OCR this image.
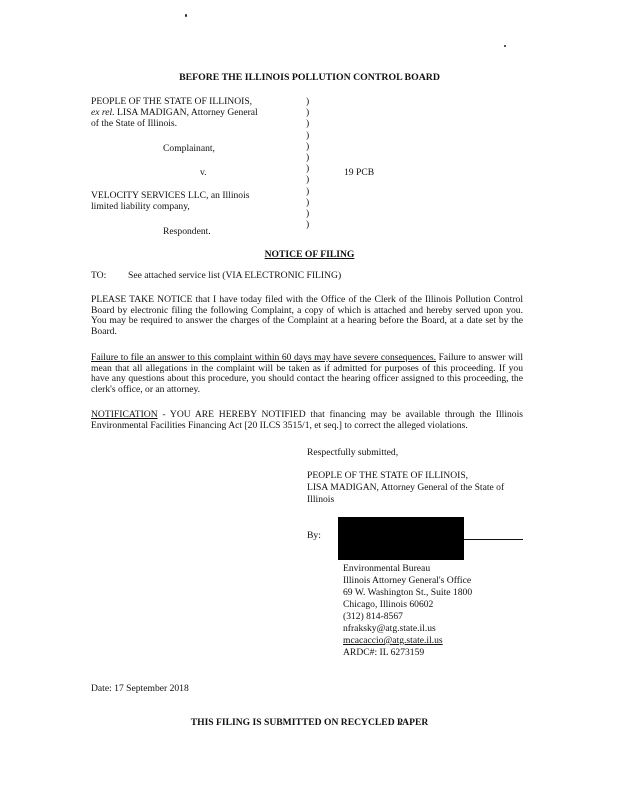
BEFORE THE ILLINOIS POLLUTION CONTROL BOARD
PEOPLE OF THE STATE OF ILLINOIS,
ex rel. LISA MADIGAN, Attorney General
of the State of Illinois.
Complainant,
v.	19 PCB
VELOCITY SERVICES LLC, an Illinois
limited liability company,
Respondent.
)
)
)
)
)
)
)
)
)
)
)
)
NOTICE OF FILING
TO: See attached service list (VIA ELECTRONIC FILING)
PLEASE TAKE NOTICE that I have today filed with the Office of the Clerk of the Illinois Pollution Control Board by electronic filing the following Complaint, a copy of which is attached and hereby served upon you. You may be required to answer the charges of the Complaint at a hearing before the Board, at a date set by the Board.
Failure to file an answer to this complaint within 60 days may have severe consequences. Failure to answer will mean that all allegations in the complaint will be taken as if admitted for purposes of this proceeding. If you have any questions about this procedure, you should contact the hearing officer assigned to this proceeding, the clerk's office, or an attorney.
NOTIFICATION - YOU ARE HEREBY NOTIFIED that financing may be available through the Illinois Environmental Facilities Financing Act [20 ILCS 3515/1, et seq.] to correct the alleged violations.
Respectfully submitted,
PEOPLE OF THE STATE OF ILLINOIS,
LISA MADIGAN, Attorney General of the State of
Illinois
By:
Environmental Bureau
Illinois Attorney General's Office
69 W. Washington St., Suite 1800
Chicago, Illinois 60602
(312) 814-8567
nfraksky@atg.state.il.us
mcacaccio@atg.state.il.us
ARDC#: IL 6273159
Date: 17 September 2018
THIS FILING IS SUBMITTED ON RECYCLED PAPER
